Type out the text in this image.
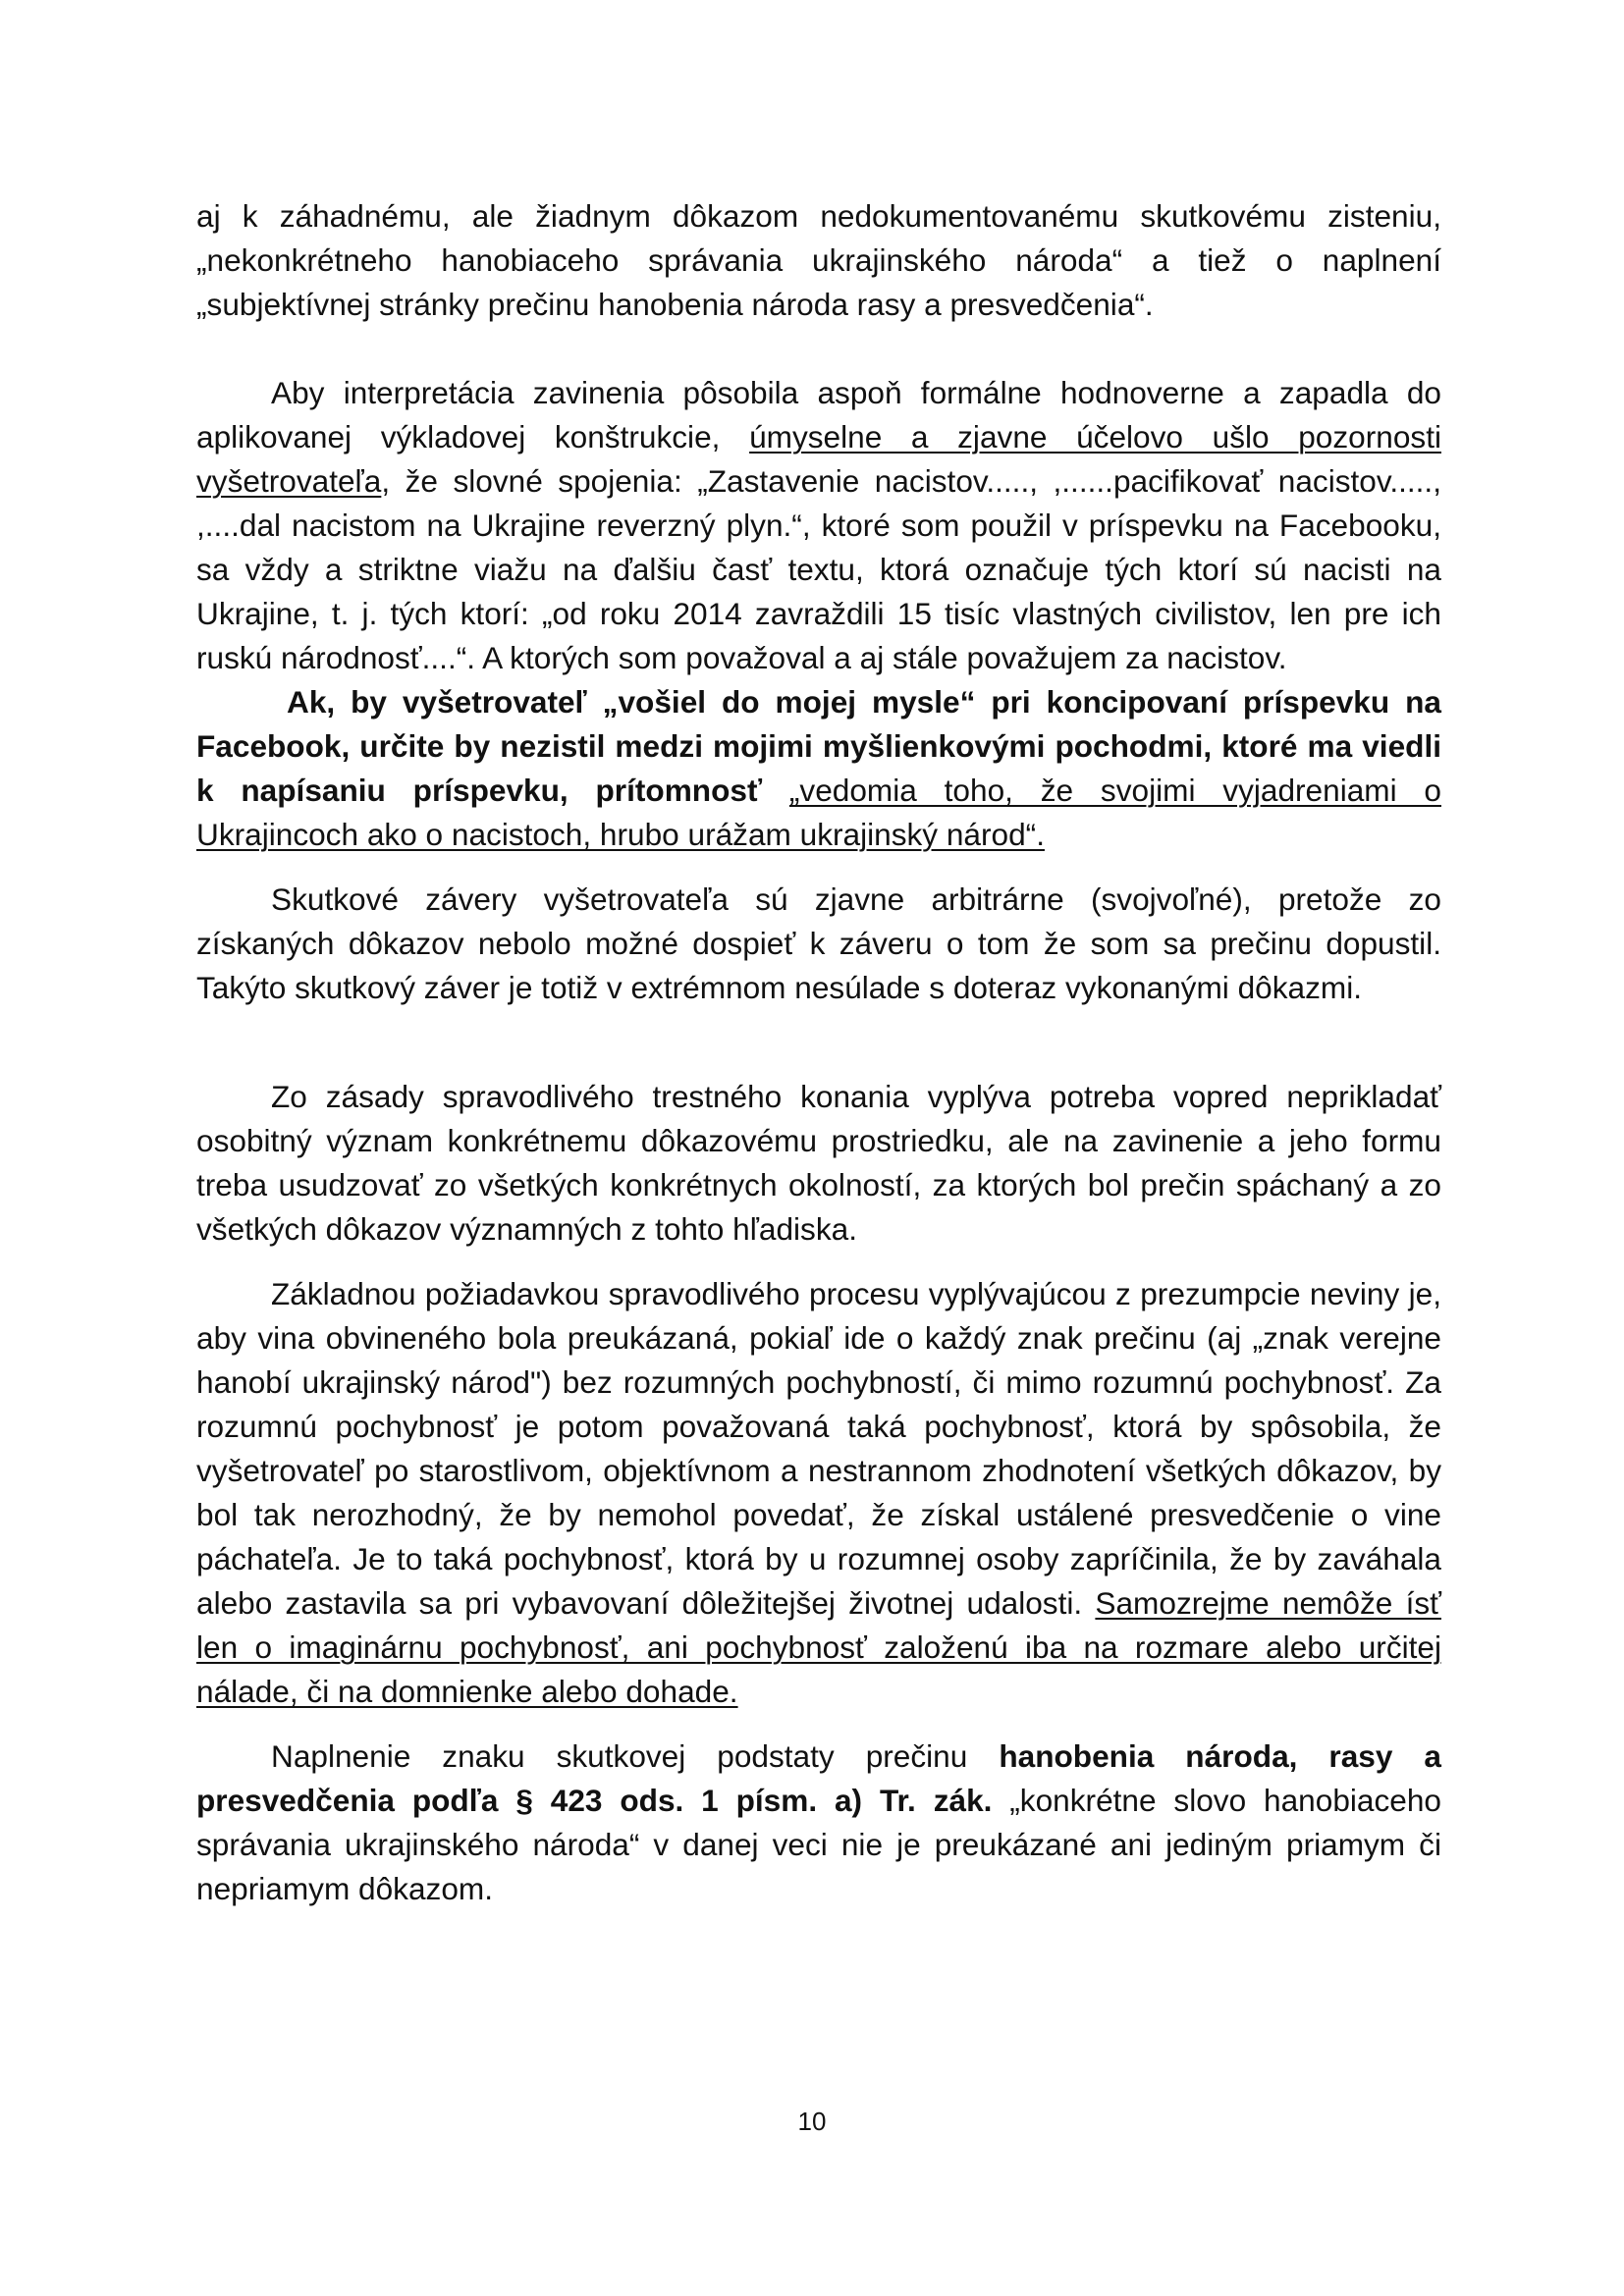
aj k záhadnému, ale žiadnym dôkazom nedokumentovanému skutkovému zisteniu, „nekonkrétneho hanobiaceho správania ukrajinského národa“ a tiež o naplnení „subjektívnej stránky prečinu hanobenia národa rasy a presvedčenia“.

Aby interpretácia zavinenia pôsobila aspoň formálne hodnoverne a zapadla do aplikovanej výkladovej konštrukcie, úmyselne a zjavne účelovo ušlo pozornosti vyšetrovateľa, že slovné spojenia: „Zastavenie nacistov....., ,......pacifikovať nacistov....., ,....dal nacistom na Ukrajine reverzný plyn.“, ktoré som použil v príspevku na Facebooku, sa vždy a striktne viažu na ďalšiu časť textu, ktorá označuje tých ktorí sú nacisti na Ukrajine, t. j. tých ktorí: „od roku 2014 zavraždili 15 tisíc vlastných civilistov, len pre ich ruskú národnosť....“. A ktorých som považoval a aj stále považujem za nacistov.

Ak, by vyšetrovateľ „vošiel do mojej mysle“ pri koncipovaní príspevku na Facebook, určite by nezistil medzi mojimi myšlienkovými pochodmi, ktoré ma viedli k napísaniu príspevku, prítomnosť „vedomia toho, že svojimi vyjadreniami o Ukrajincoch ako o nacistoch, hrubo urážam ukrajinský národ“.

Skutkové závery vyšetrovateľa sú zjavne arbitrárne (svojvoľné), pretože zo získaných dôkazov nebolo možné dospieť k záveru o tom že som sa prečinu dopustil. Takýto skutkový záver je totiž v extrémnom nesúlade s doteraz vykonanými dôkazmi.

Zo zásady spravodlivého trestného konania vyplýva potreba vopred neprikladať osobitný význam konkrétnemu dôkazovému prostriedku, ale na zavinenie a jeho formu treba usudzovať zo všetkých konkrétnych okolností, za ktorých bol prečin spáchaný a zo všetkých dôkazov významných z tohto hľadiska.

Základnou požiadavkou spravodlivého procesu vyplývajúcou z prezumpcie neviny je, aby vina obvineného bola preukázaná, pokiaľ ide o každý znak prečinu (aj „znak verejne hanobí ukrajinský národ") bez rozumných pochybností, či mimo rozumnú pochybnosť. Za rozumnú pochybnosť je potom považovaná taká pochybnosť, ktorá by spôsobila, že vyšetrovateľ po starostlivom, objektívnom a nestrannom zhodnotení všetkých dôkazov, by bol tak nerozhodný, že by nemohol povedať, že získal ustálené presvedčenie o vine páchateľa. Je to taká pochybnosť, ktorá by u rozumnej osoby zapríčinila, že by zaváhala alebo zastavila sa pri vybavovaní dôležitejšej životnej udalosti. Samozrejme nemôže ísť len o imaginárnu pochybnosť, ani pochybnosť založenú iba na rozmare alebo určitej nálade, či na domnienke alebo dohade.

Naplnenie znaku skutkovej podstaty prečinu hanobenia národa, rasy a presvedčenia podľa § 423 ods. 1 písm. a) Tr. zák. „konkrétne slovo hanobiaceho správania ukrajinského národa“ v danej veci nie je preukázané ani jediným priamym či nepriamym dôkazom.

10
